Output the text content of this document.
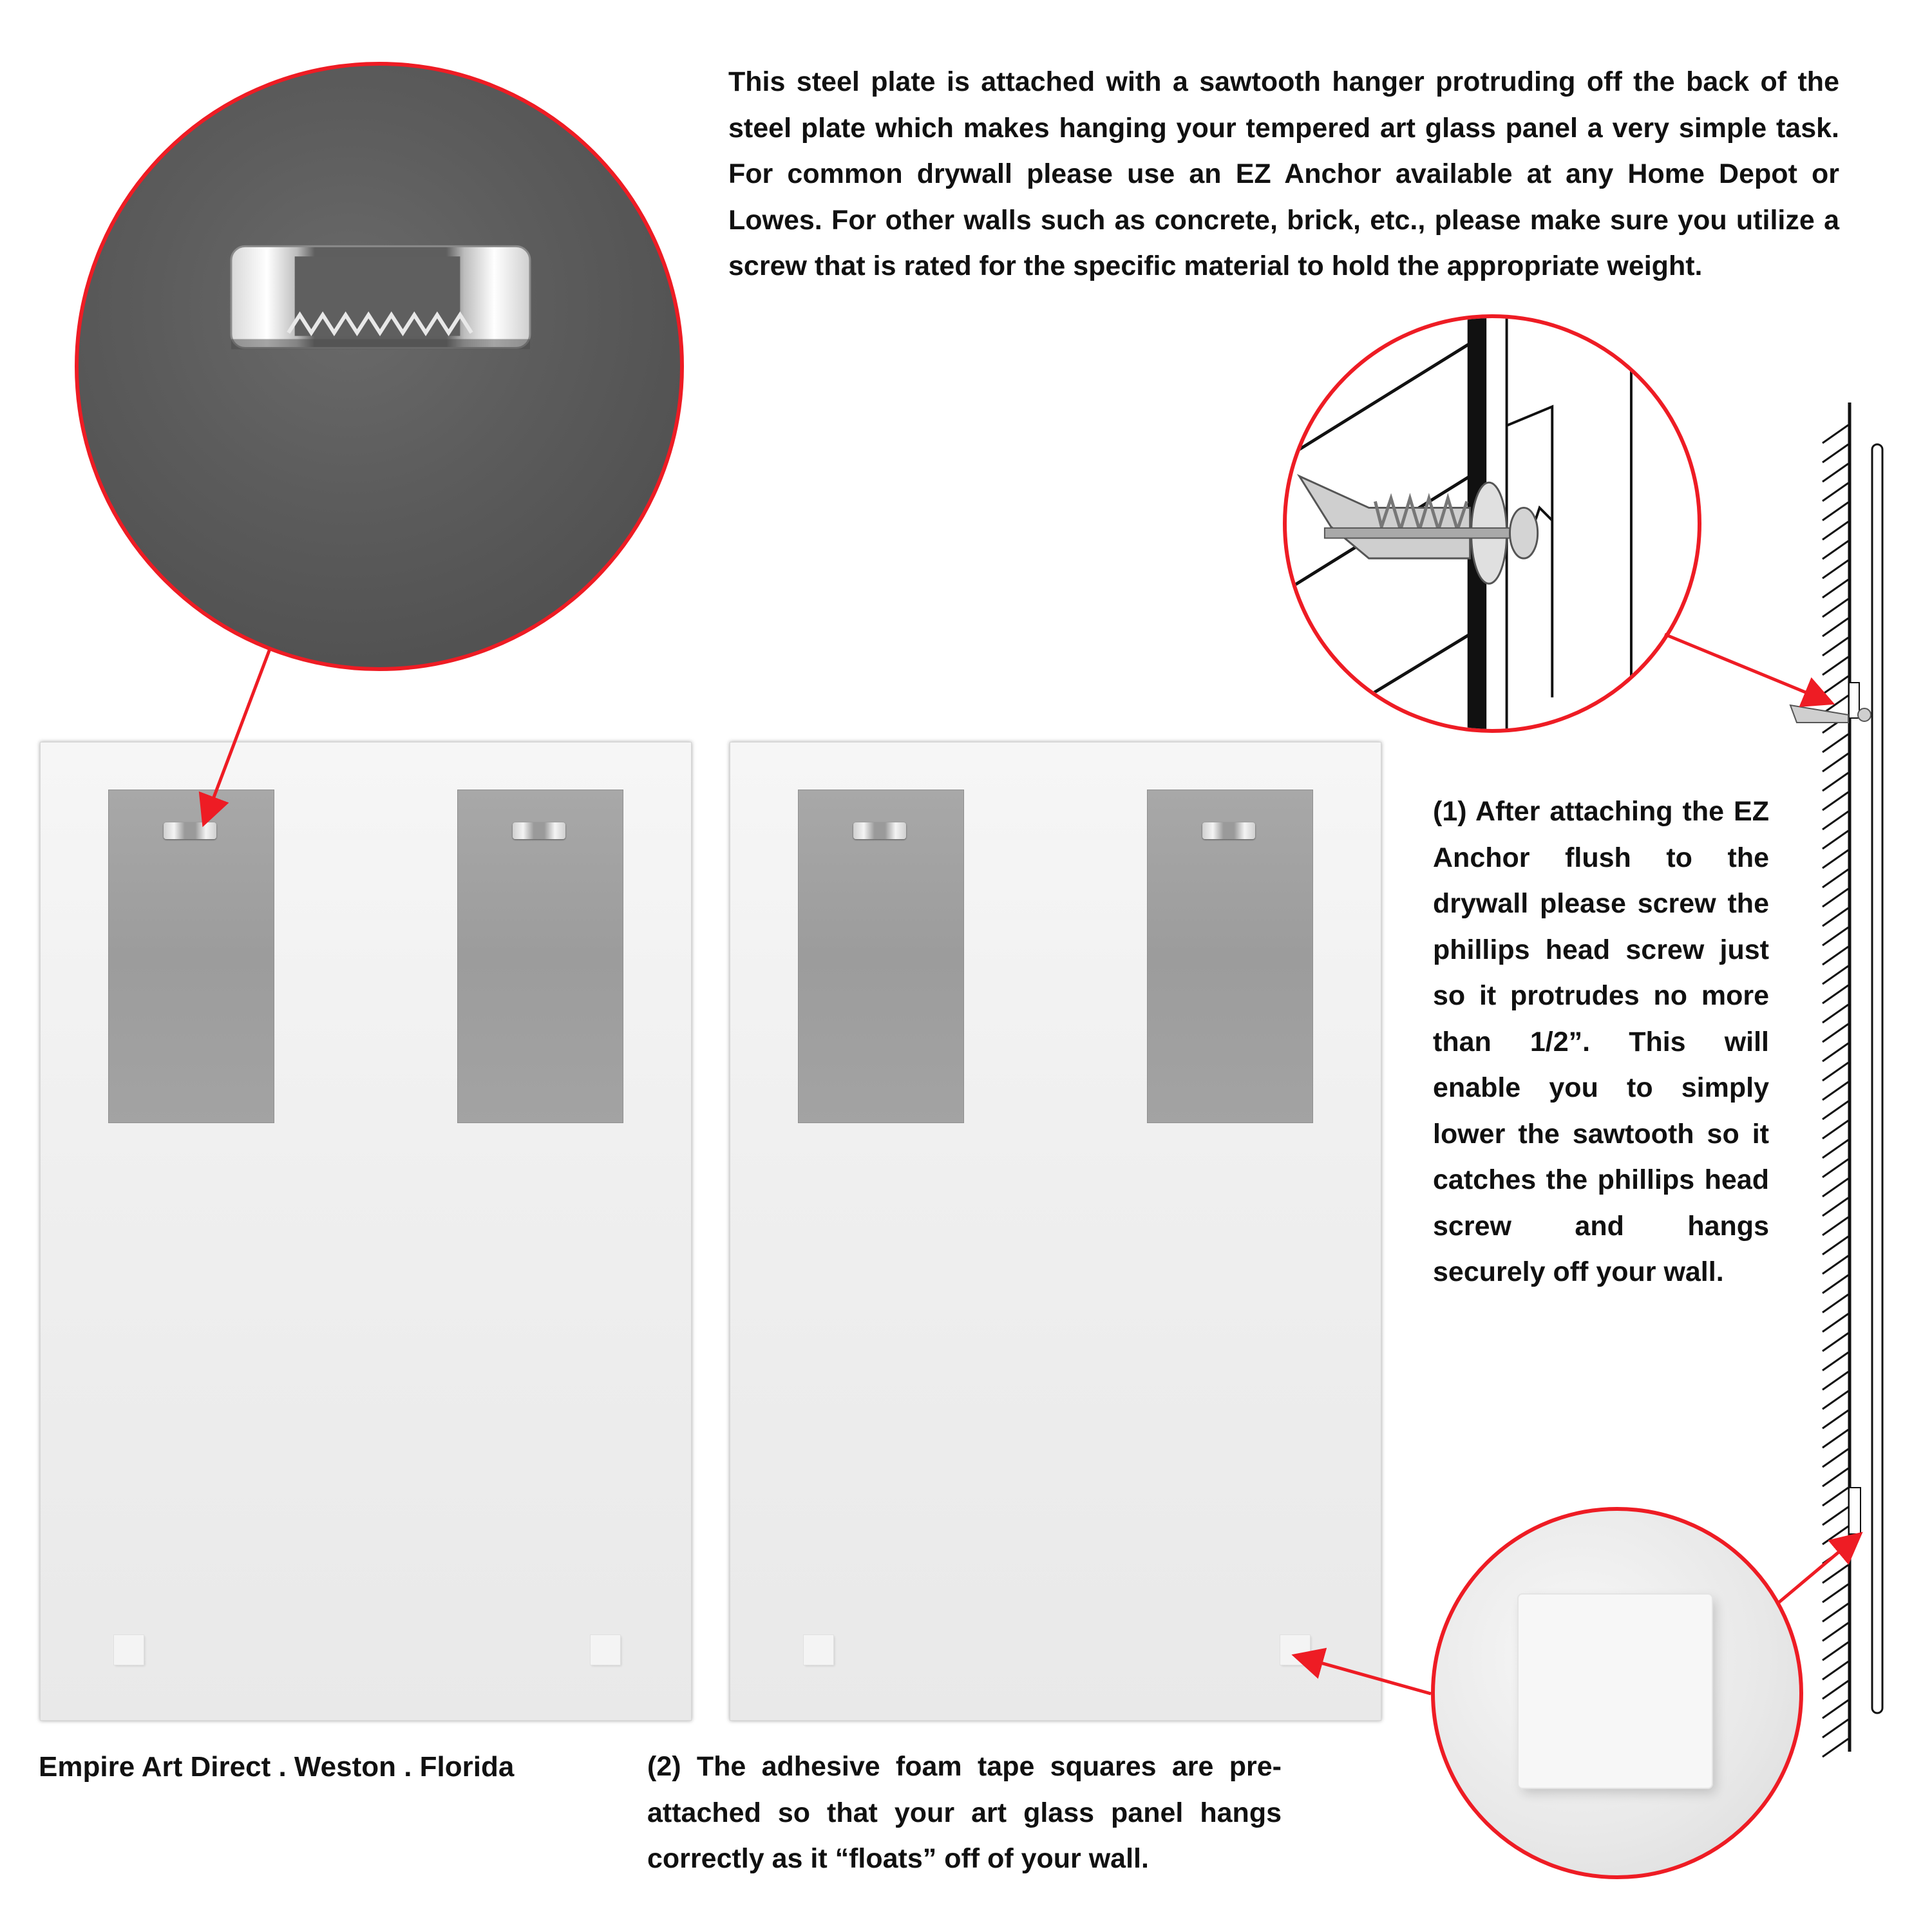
This steel plate is attached with a sawtooth hanger protruding off the back of the steel plate which makes hanging your tempered art glass panel a very simple task. For common drywall please use an EZ Anchor available at any Home Depot or Lowes. For other walls such as concrete, brick, etc., please make sure you utilize a screw that is rated for the specific material to hold the appropriate weight.

(1) After attaching the EZ Anchor flush to the drywall please screw the phillips head screw just so it protrudes no more than 1/2”. This will enable you to simply lower the sawtooth so it catches the phillips head screw and hangs securely off your wall.

(2) The adhesive foam tape squares are pre-attached so that your art glass panel hangs correctly as it “floats” off of your wall.

Empire Art Direct . Weston . Florida
